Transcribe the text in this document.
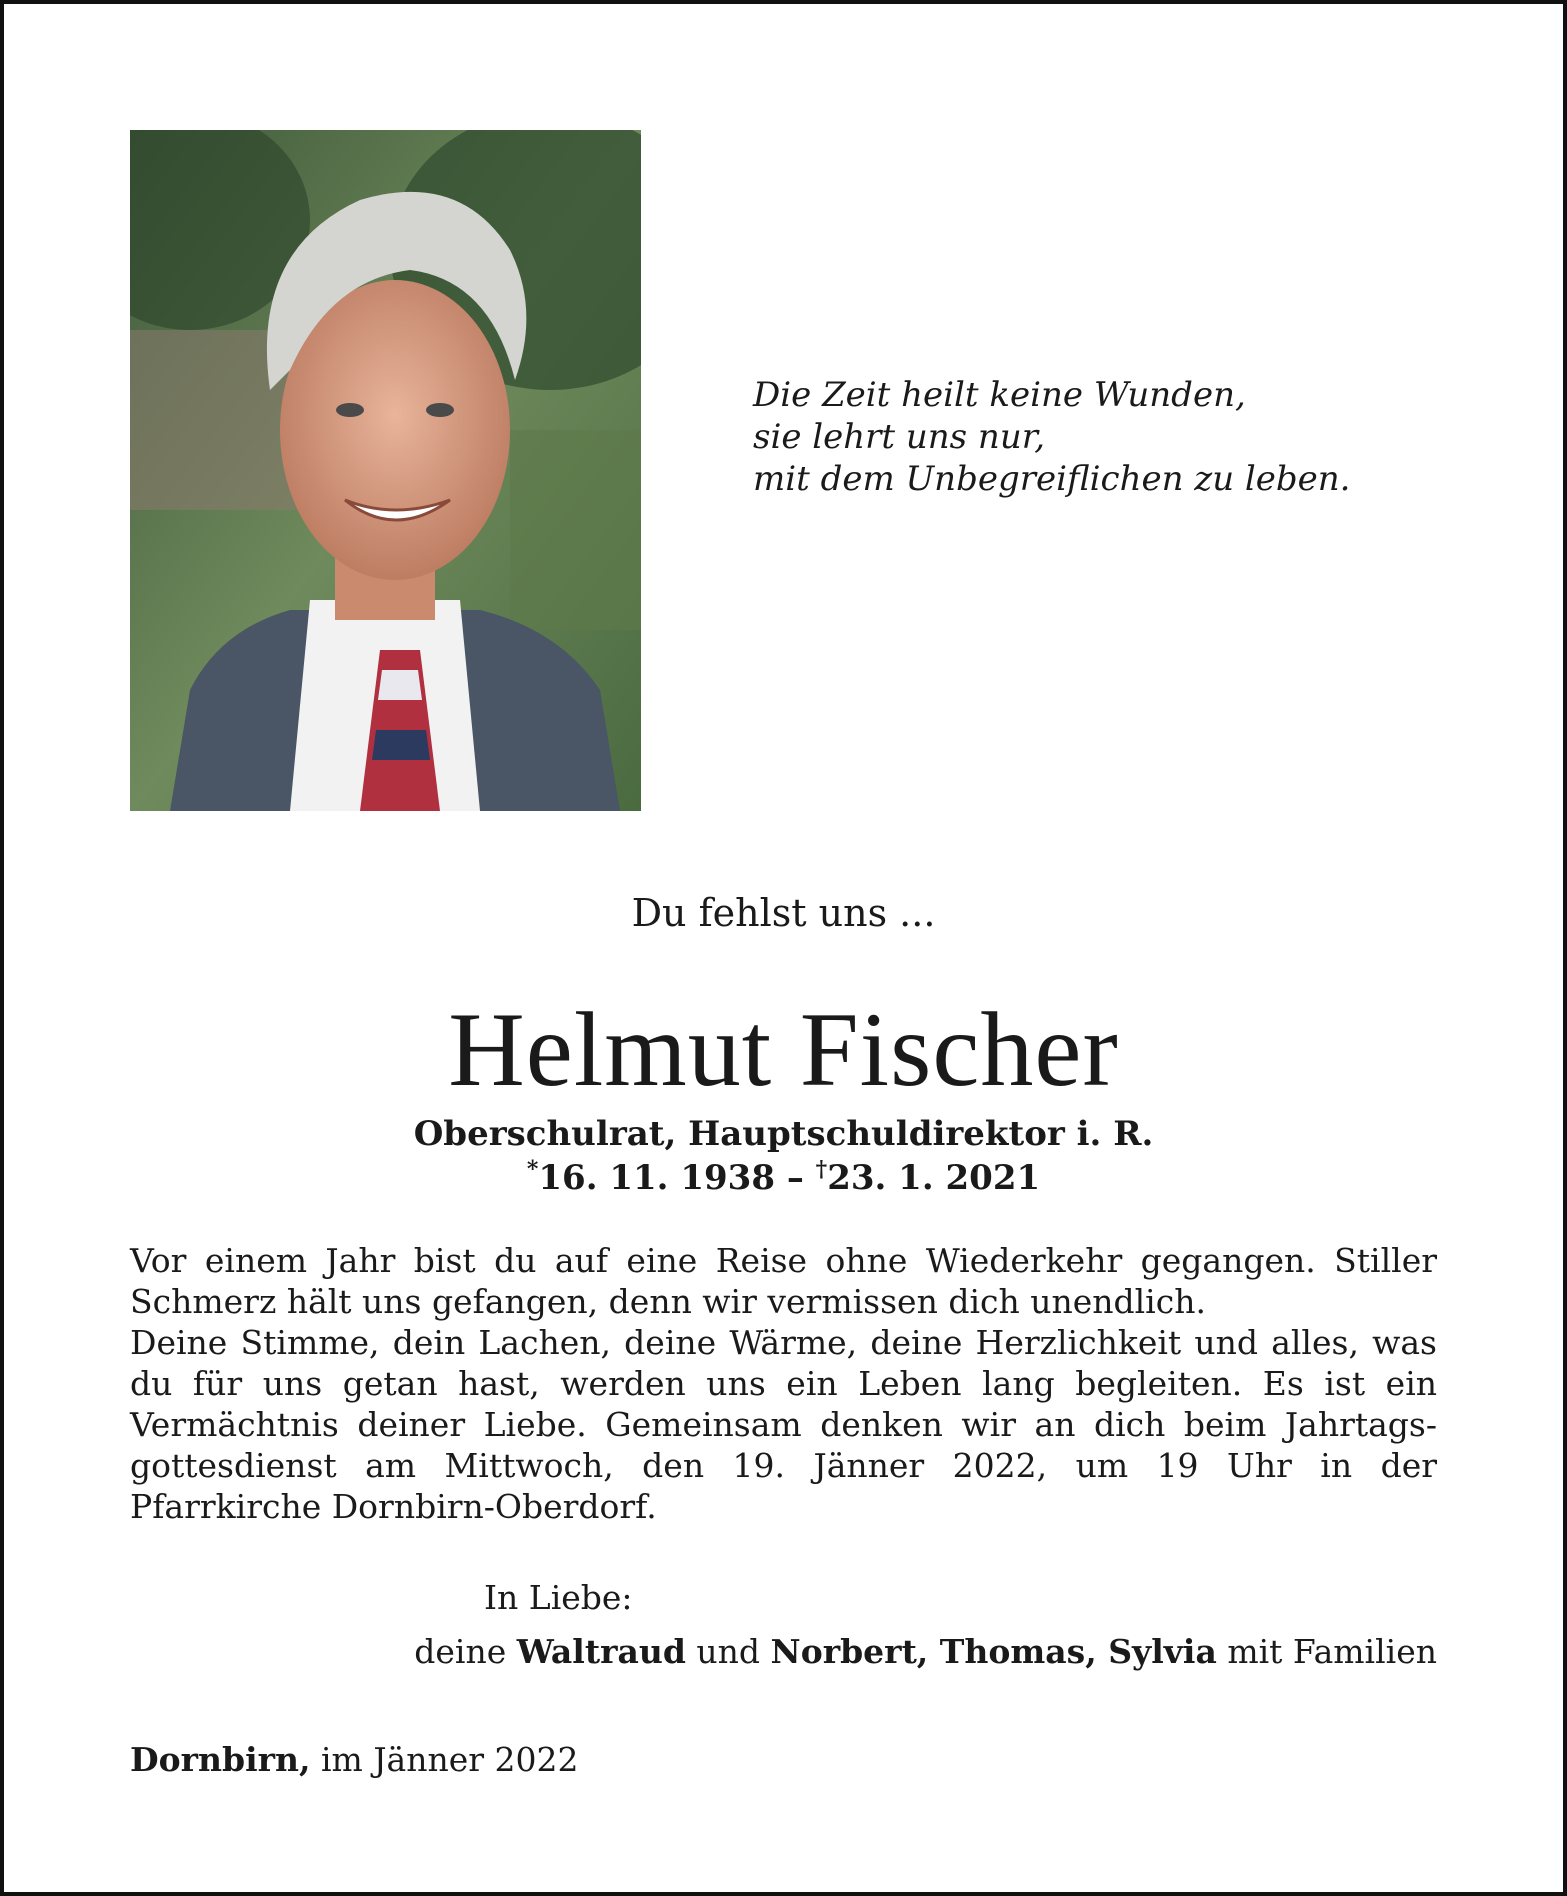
Die Zeit heilt keine Wunden,
sie lehrt uns nur,
mit dem Unbegreiflichen zu leben.
Du fehlst uns ...
Helmut Fischer
Oberschulrat, Hauptschuldirektor i. R.
*16. 11. 1938 – †23. 1. 2021

Vor einem Jahr bist du auf eine Reise ohne Wiederkehr gegangen. Stiller Schmerz hält uns gefangen, denn wir vermissen dich unendlich.

Deine Stimme, dein Lachen, deine Wärme, deine Herzlichkeit und alles, was du für uns getan hast, werden uns ein Leben lang begleiten. Es ist ein Vermächtnis deiner Liebe. Gemeinsam denken wir an dich beim Jahrtagsgottesdienst am Mittwoch, den 19. Jänner 2022, um 19 Uhr in der Pfarrkirche Dornbirn-Oberdorf.

In Liebe:
deine Waltraud und Norbert, Thomas, Sylvia mit Familien
Dornbirn, im Jänner 2022
